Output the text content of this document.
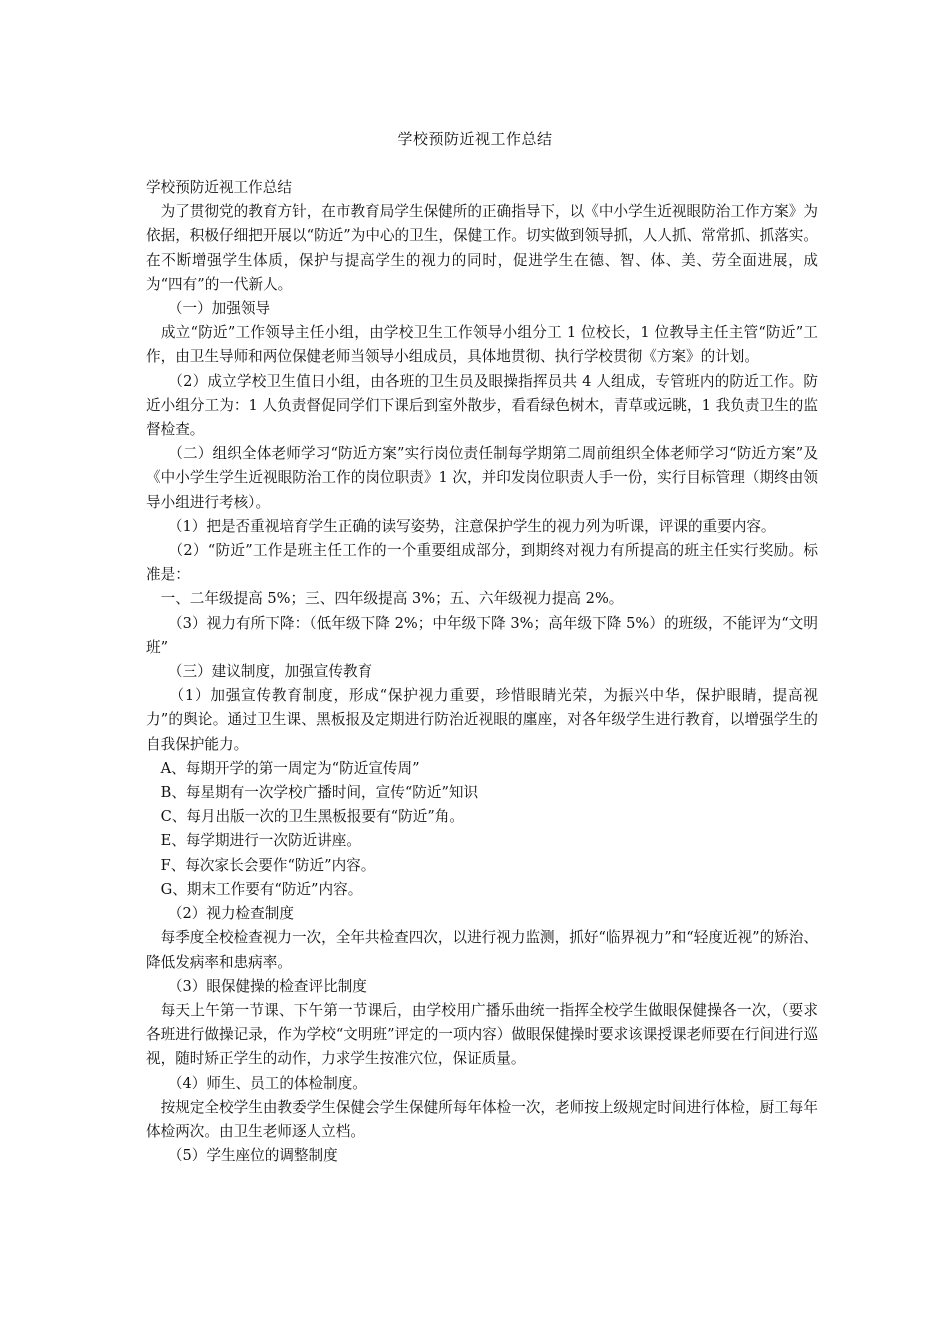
学校预防近视工作总结

学校预防近视工作总结

　为了贯彻党的教育方针，在市教育局学生保健所的正确指导下，以《中小学生近视眼防治工作方案》为依据，积极仔细把开展以“防近”为中心的卫生，保健工作。切实做到领导抓，人人抓、常常抓、抓落实。在不断增强学生体质，保护与提高学生的视力的同时，促进学生在德、智、体、美、劳全面进展，成为“四有”的一代新人。

　　（一）加强领导

　成立“防近”工作领导主任小组，由学校卫生工作领导小组分工 1 位校长，1 位教导主任主管“防近”工作，由卫生导师和两位保健老师当领导小组成员，具体地贯彻、执行学校贯彻《方案》的计划。

　　（2）成立学校卫生值日小组，由各班的卫生员及眼操指挥员共 4 人组成，专管班内的防近工作。防近小组分工为：1 人负责督促同学们下课后到室外散步，看看绿色树木，青草或远眺，1 我负责卫生的监督检查。

　　（二）组织全体老师学习“防近方案”实行岗位责任制每学期第二周前组织全体老师学习“防近方案”及《中小学生学生近视眼防治工作的岗位职责》1 次，并印发岗位职责人手一份，实行目标管理（期终由领导小组进行考核）。

　　（1）把是否重视培育学生正确的读写姿势，注意保护学生的视力列为听课，评课的重要内容。

　　（2）“防近”工作是班主任工作的一个重要组成部分，到期终对视力有所提高的班主任实行奖励。标准是：

　一、二年级提高 5%；三、四年级提高 3%；五、六年级视力提高 2%。

　　（3）视力有所下降：（低年级下降 2%；中年级下降 3%；高年级下降 5%）的班级，不能评为“文明班”

　　（三）建议制度，加强宣传教育

　　（1）加强宣传教育制度，形成“保护视力重要，珍惜眼睛光荣，为振兴中华，保护眼睛，提高视力”的舆论。通过卫生课、黑板报及定期进行防治近视眼的廛座，对各年级学生进行教育，以增强学生的自我保护能力。

　A、每期开学的第一周定为“防近宣传周”

　B、每星期有一次学校广播时间，宣传“防近”知识

　C、每月出版一次的卫生黑板报要有“防近”角。

　E、每学期进行一次防近讲座。

　F、每次家长会要作“防近”内容。

　G、期末工作要有“防近”内容。

　　（2）视力检查制度

　每季度全校检查视力一次，全年共检查四次，以进行视力监测，抓好“临界视力”和“轻度近视”的矫治、降低发病率和患病率。

　　（3）眼保健操的检查评比制度

　每天上午第一节课、下午第一节课后，由学校用广播乐曲统一指挥全校学生做眼保健操各一次，（要求各班进行做操记录，作为学校“文明班”评定的一项内容）做眼保健操时要求该课授课老师要在行间进行巡视，随时矫正学生的动作，力求学生按准穴位，保证质量。

　　（4）师生、员工的体检制度。

　按规定全校学生由教委学生保健会学生保健所每年体检一次，老师按上级规定时间进行体检，厨工每年体检两次。由卫生老师逐人立档。

　　（5）学生座位的调整制度
